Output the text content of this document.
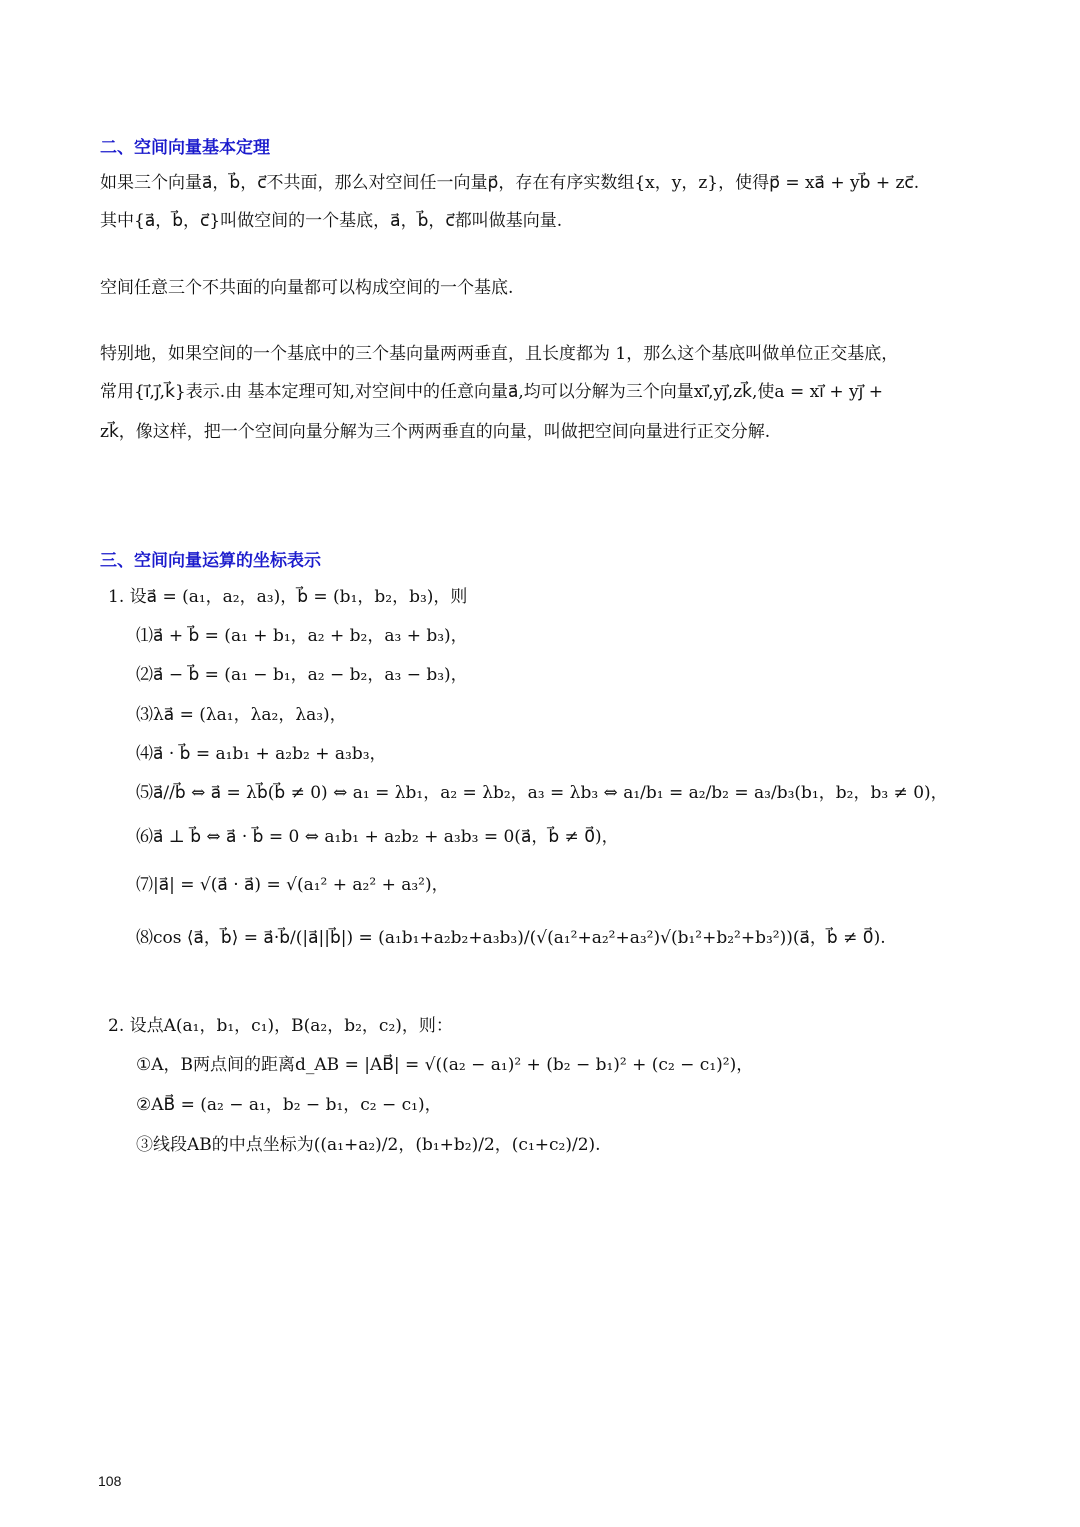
二、空间向量基本定理
如果三个向量a⃗，b⃗，c⃗不共面，那么对空间任一向量p⃗，存在有序实数组{x，y，z}，使得p⃗ = xa⃗ + yb⃗ + zc⃗.
其中{a⃗，b⃗，c⃗}叫做空间的一个基底，a⃗，b⃗，c⃗都叫做基向量.
空间任意三个不共面的向量都可以构成空间的一个基底.
特别地，如果空间的一个基底中的三个基向量两两垂直，且长度都为 1，那么这个基底叫做单位正交基底，
常用{i⃗,j⃗,k⃗}表示.由 基本定理可知,对空间中的任意向量a⃗,均可以分解为三个向量xi⃗,yj⃗,zk⃗,使a = xi⃗ + yj⃗ +
zk⃗，像这样，把一个空间向量分解为三个两两垂直的向量，叫做把空间向量进行正交分解.
三、空间向量运算的坐标表示
1. 设a⃗ = (a₁，a₂，a₃)，b⃗ = (b₁，b₂，b₃)，则
⑴a⃗ + b⃗ = (a₁ + b₁，a₂ + b₂，a₃ + b₃)，
⑵a⃗ − b⃗ = (a₁ − b₁，a₂ − b₂，a₃ − b₃)，
⑶λa⃗ = (λa₁，λa₂，λa₃)，
⑷a⃗ · b⃗ = a₁b₁ + a₂b₂ + a₃b₃，
⑸a⃗//b⃗ ⇔ a⃗ = λb⃗(b⃗ ≠ 0) ⇔ a₁ = λb₁，a₂ = λb₂，a₃ = λb₃ ⇔ a₁/b₁ = a₂/b₂ = a₃/b₃(b₁，b₂，b₃ ≠ 0)，
⑹a⃗ ⊥ b⃗ ⇔ a⃗ · b⃗ = 0 ⇔ a₁b₁ + a₂b₂ + a₃b₃ = 0(a⃗，b⃗ ≠ 0⃗)，
⑺|a⃗| = √(a⃗ · a⃗) = √(a₁² + a₂² + a₃²)，
⑻cos ⟨a⃗，b⃗⟩ = a⃗·b⃗/(|a⃗||b⃗|) = (a₁b₁+a₂b₂+a₃b₃)/(√(a₁²+a₂²+a₃²)√(b₁²+b₂²+b₃²))(a⃗，b⃗ ≠ 0⃗).
2. 设点A(a₁，b₁，c₁)，B(a₂，b₂，c₂)，则：
①A，B两点间的距离d_AB = |AB⃗| = √((a₂ − a₁)² + (b₂ − b₁)² + (c₂ − c₁)²)，
②AB⃗ = (a₂ − a₁，b₂ − b₁，c₂ − c₁)，
③线段AB的中点坐标为((a₁+a₂)/2，(b₁+b₂)/2，(c₁+c₂)/2).
108
